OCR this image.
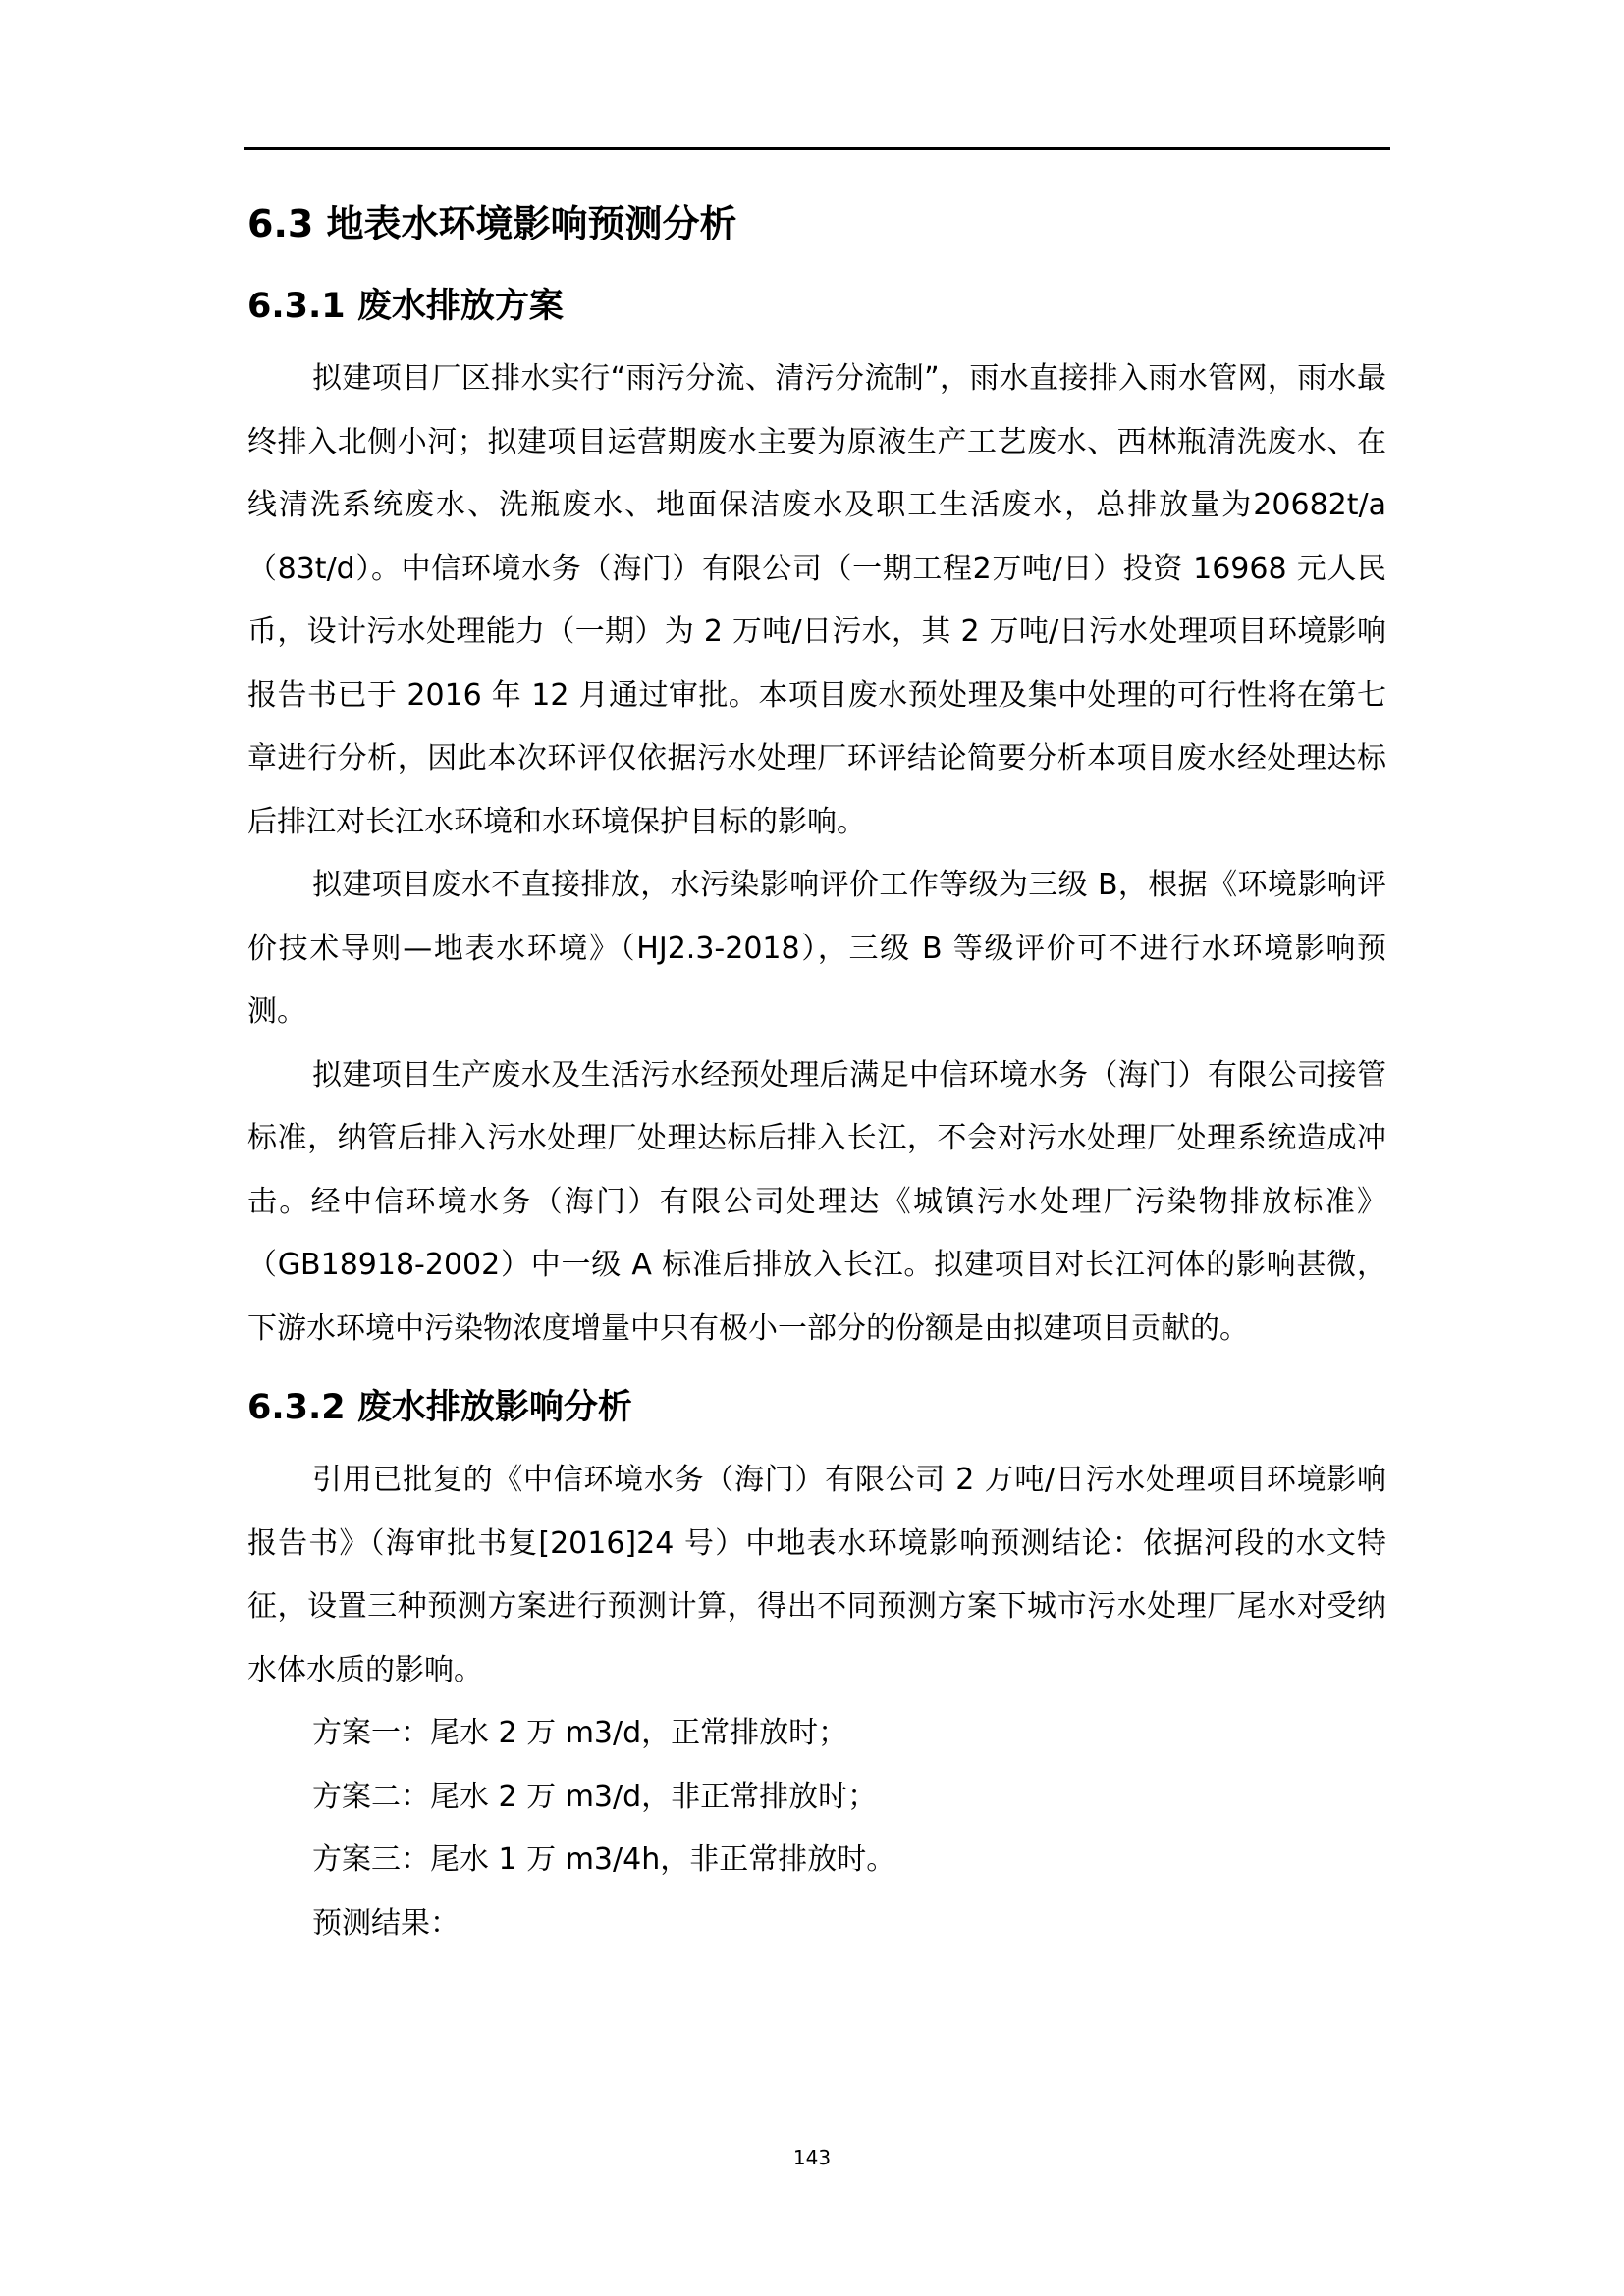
6.3 地表水环境影响预测分析
6.3.1 废水排放方案

拟建项目厂区排水实行“雨污分流、清污分流制”，雨水直接排入雨水管网，雨水最终排入北侧小河；拟建项目运营期废水主要为原液生产工艺废水、西林瓶清洗废水、在线清洗系统废水、洗瓶废水、地面保洁废水及职工生活废水，总排放量为20682t/a（83t/d）。中信环境水务（海门）有限公司（一期工程2万吨/日）投资 16968 元人民币，设计污水处理能力（一期）为 2 万吨/日污水，其 2 万吨/日污水处理项目环境影响报告书已于 2016 年 12 月通过审批。本项目废水预处理及集中处理的可行性将在第七章进行分析，因此本次环评仅依据污水处理厂环评结论简要分析本项目废水经处理达标后排江对长江水环境和水环境保护目标的影响。

拟建项目废水不直接排放，水污染影响评价工作等级为三级 B，根据《环境影响评价技术导则—地表水环境》（HJ2.3-2018），三级 B 等级评价可不进行水环境影响预测。

拟建项目生产废水及生活污水经预处理后满足中信环境水务（海门）有限公司接管标准，纳管后排入污水处理厂处理达标后排入长江，不会对污水处理厂处理系统造成冲击。经中信环境水务（海门）有限公司处理达《城镇污水处理厂污染物排放标准》（GB18918-2002）中一级 A 标准后排放入长江。拟建项目对长江河体的影响甚微，下游水环境中污染物浓度增量中只有极小一部分的份额是由拟建项目贡献的。

6.3.2 废水排放影响分析

引用已批复的《中信环境水务（海门）有限公司 2 万吨/日污水处理项目环境影响报告书》（海审批书复[2016]24 号）中地表水环境影响预测结论：依据河段的水文特征，设置三种预测方案进行预测计算，得出不同预测方案下城市污水处理厂尾水对受纳水体水质的影响。

方案一：尾水 2 万 m3/d，正常排放时；

方案二：尾水 2 万 m3/d，非正常排放时；

方案三：尾水 1 万 m3/4h，非正常排放时。

预测结果：

143
